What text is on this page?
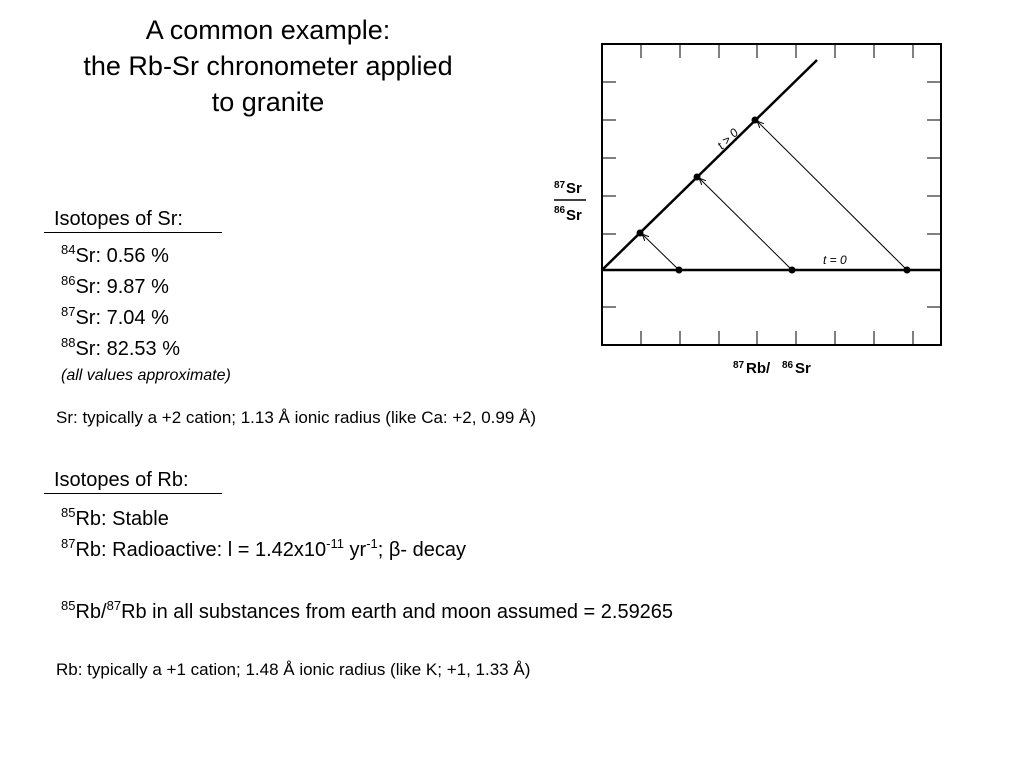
A common example:
the Rb-Sr chronometer applied
to granite
Isotopes of Sr:
$^{84}$Sr: 0.56 %
$^{86}$Sr: 9.87 %
$^{87}$Sr: 7.04 %
$^{88}$Sr: 82.53 %
(all values approximate)
Sr: typically a +2 cation; 1.13 Å ionic radius (like Ca: +2, 0.99 Å)
Isotopes of Rb:
$^{85}$Rb: Stable
$^{87}$Rb: Radioactive: $l = 1.42x10^{-11}$ $yr^{-1}$; β- decay
$^{85}$Rb/$^{87}$Rb in all substances from earth and moon assumed = 2.59265
Rb: typically a +1 cation; 1.48 Å ionic radius (like K; +1, 1.33 Å)
t > 0
t = 0
87 Sr
86 Sr
87 Rb/ 86 Sr
